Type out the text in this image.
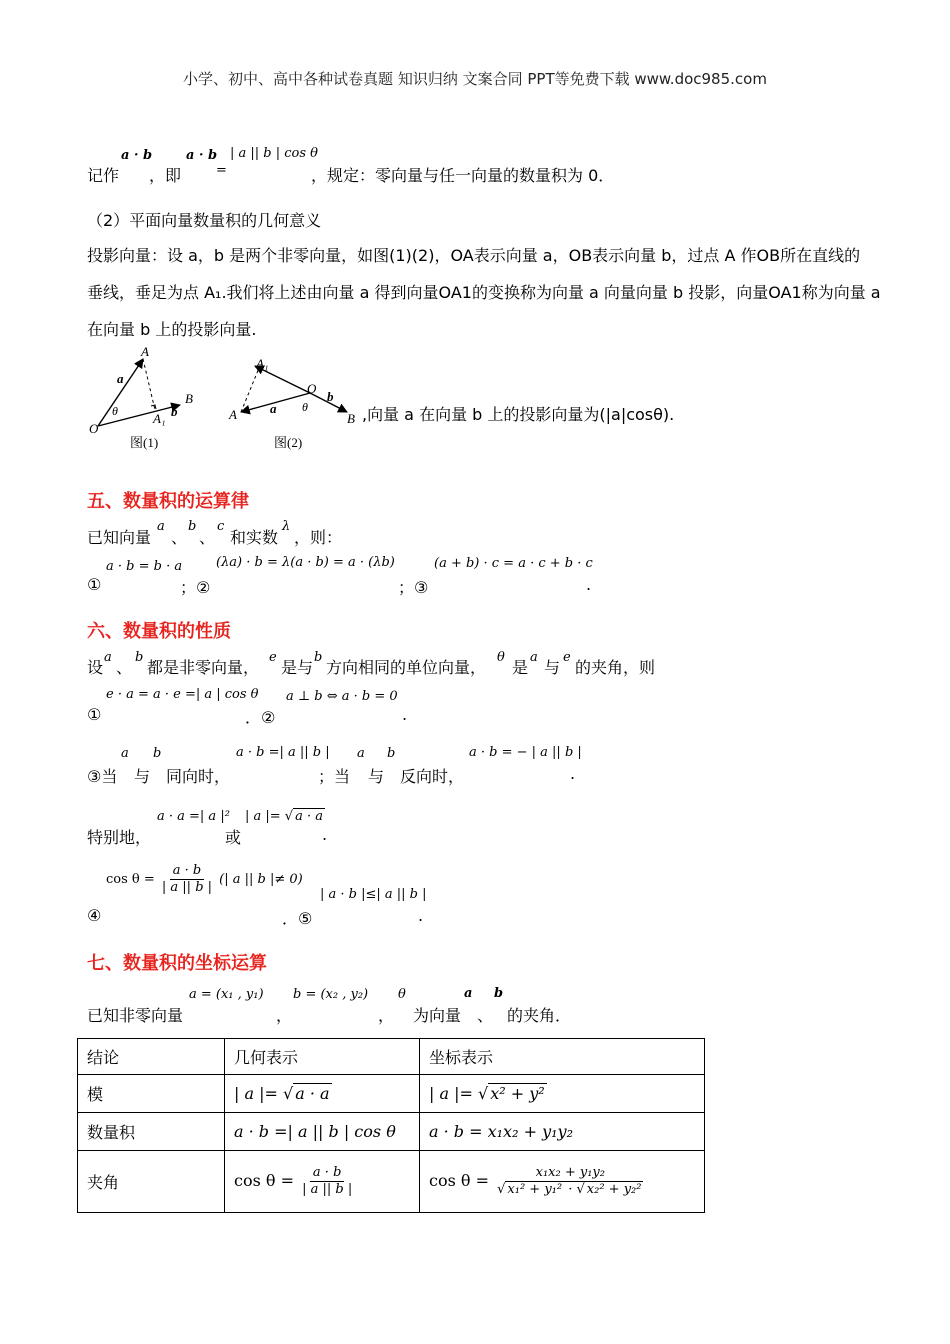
小学、初中、高中各种试卷真题 知识归纳 文案合同 PPT等免费下载 www.doc985.com
a · b	a · b | a || b | cos θ
记作 ，即	=	，规定：零向量与任一向量的数量积为 0．
（2）平面向量数量积的几何意义
投影向量：设 a，b 是两个非零向量，如图(1)(2)，OA表示向量 a，OB表示向量 b，过点 A 作OB所在直线的
垂线，垂足为点 A₁.我们将上述由向量 a 得到向量OA1的变换称为向量 a 向量向量 b 投影，向量OA1称为向量 a
在向量 b 上的投影向量.
A
B
O
A₁
a
b
θ
A₁
A
O
B
a
b
θ
图(1)	图(2)
,向量 a 在向量 b 上的投影向量为(|a|cosθ).
五、数量积的运算律
已知向量
a
、
b
、
c
和实数
λ
，则：
a · b = b · a	(λa) · b = λ(a · b) = a · (λb)	(a + b) · c = a · c + b · c
①	；②	；③	.
六、数量积的性质
设
a
、
b
都是非零向量，
e
是与
b
方向相同的单位向量，
θ
是
a
与
e
的夹角，则
e · a = a · e =| a | cos θ a ⊥ b ⇔ a · b = 0
①	．②	.
a b	a · b =| a || b | a b	a · b = − | a || b |
③当 与 同向时，	；当 与 反向时，	.
a · a =| a |² | a |= √ a · a
特别地，	或	.
$\cos \theta = \frac{a \cdot b}{| a || b |}$ (| a || b |≠ 0)
| a · b |≤| a || b |
④	．⑤	.
七、数量积的坐标运算
a = (x₁ , y₁) b = (x₂ , y₂) θ	a b
已知非零向量	，	， 为向量 、 的夹角．
结论	几何表示	坐标表示
模	| a |= √ a · a	| a |= √ x² + y²
数量积	a · b =| a || b | cos θ	a · b = x₁x₂ + y₁y₂
夹角	$\cos \theta = \frac{a \cdot b}{| a || b |}$	$\cos \theta = \frac{\text{x₁x₂ + y₁y₂}}{\text{√ x₁² + y₁² · √ x₂² + y₂²}}$
